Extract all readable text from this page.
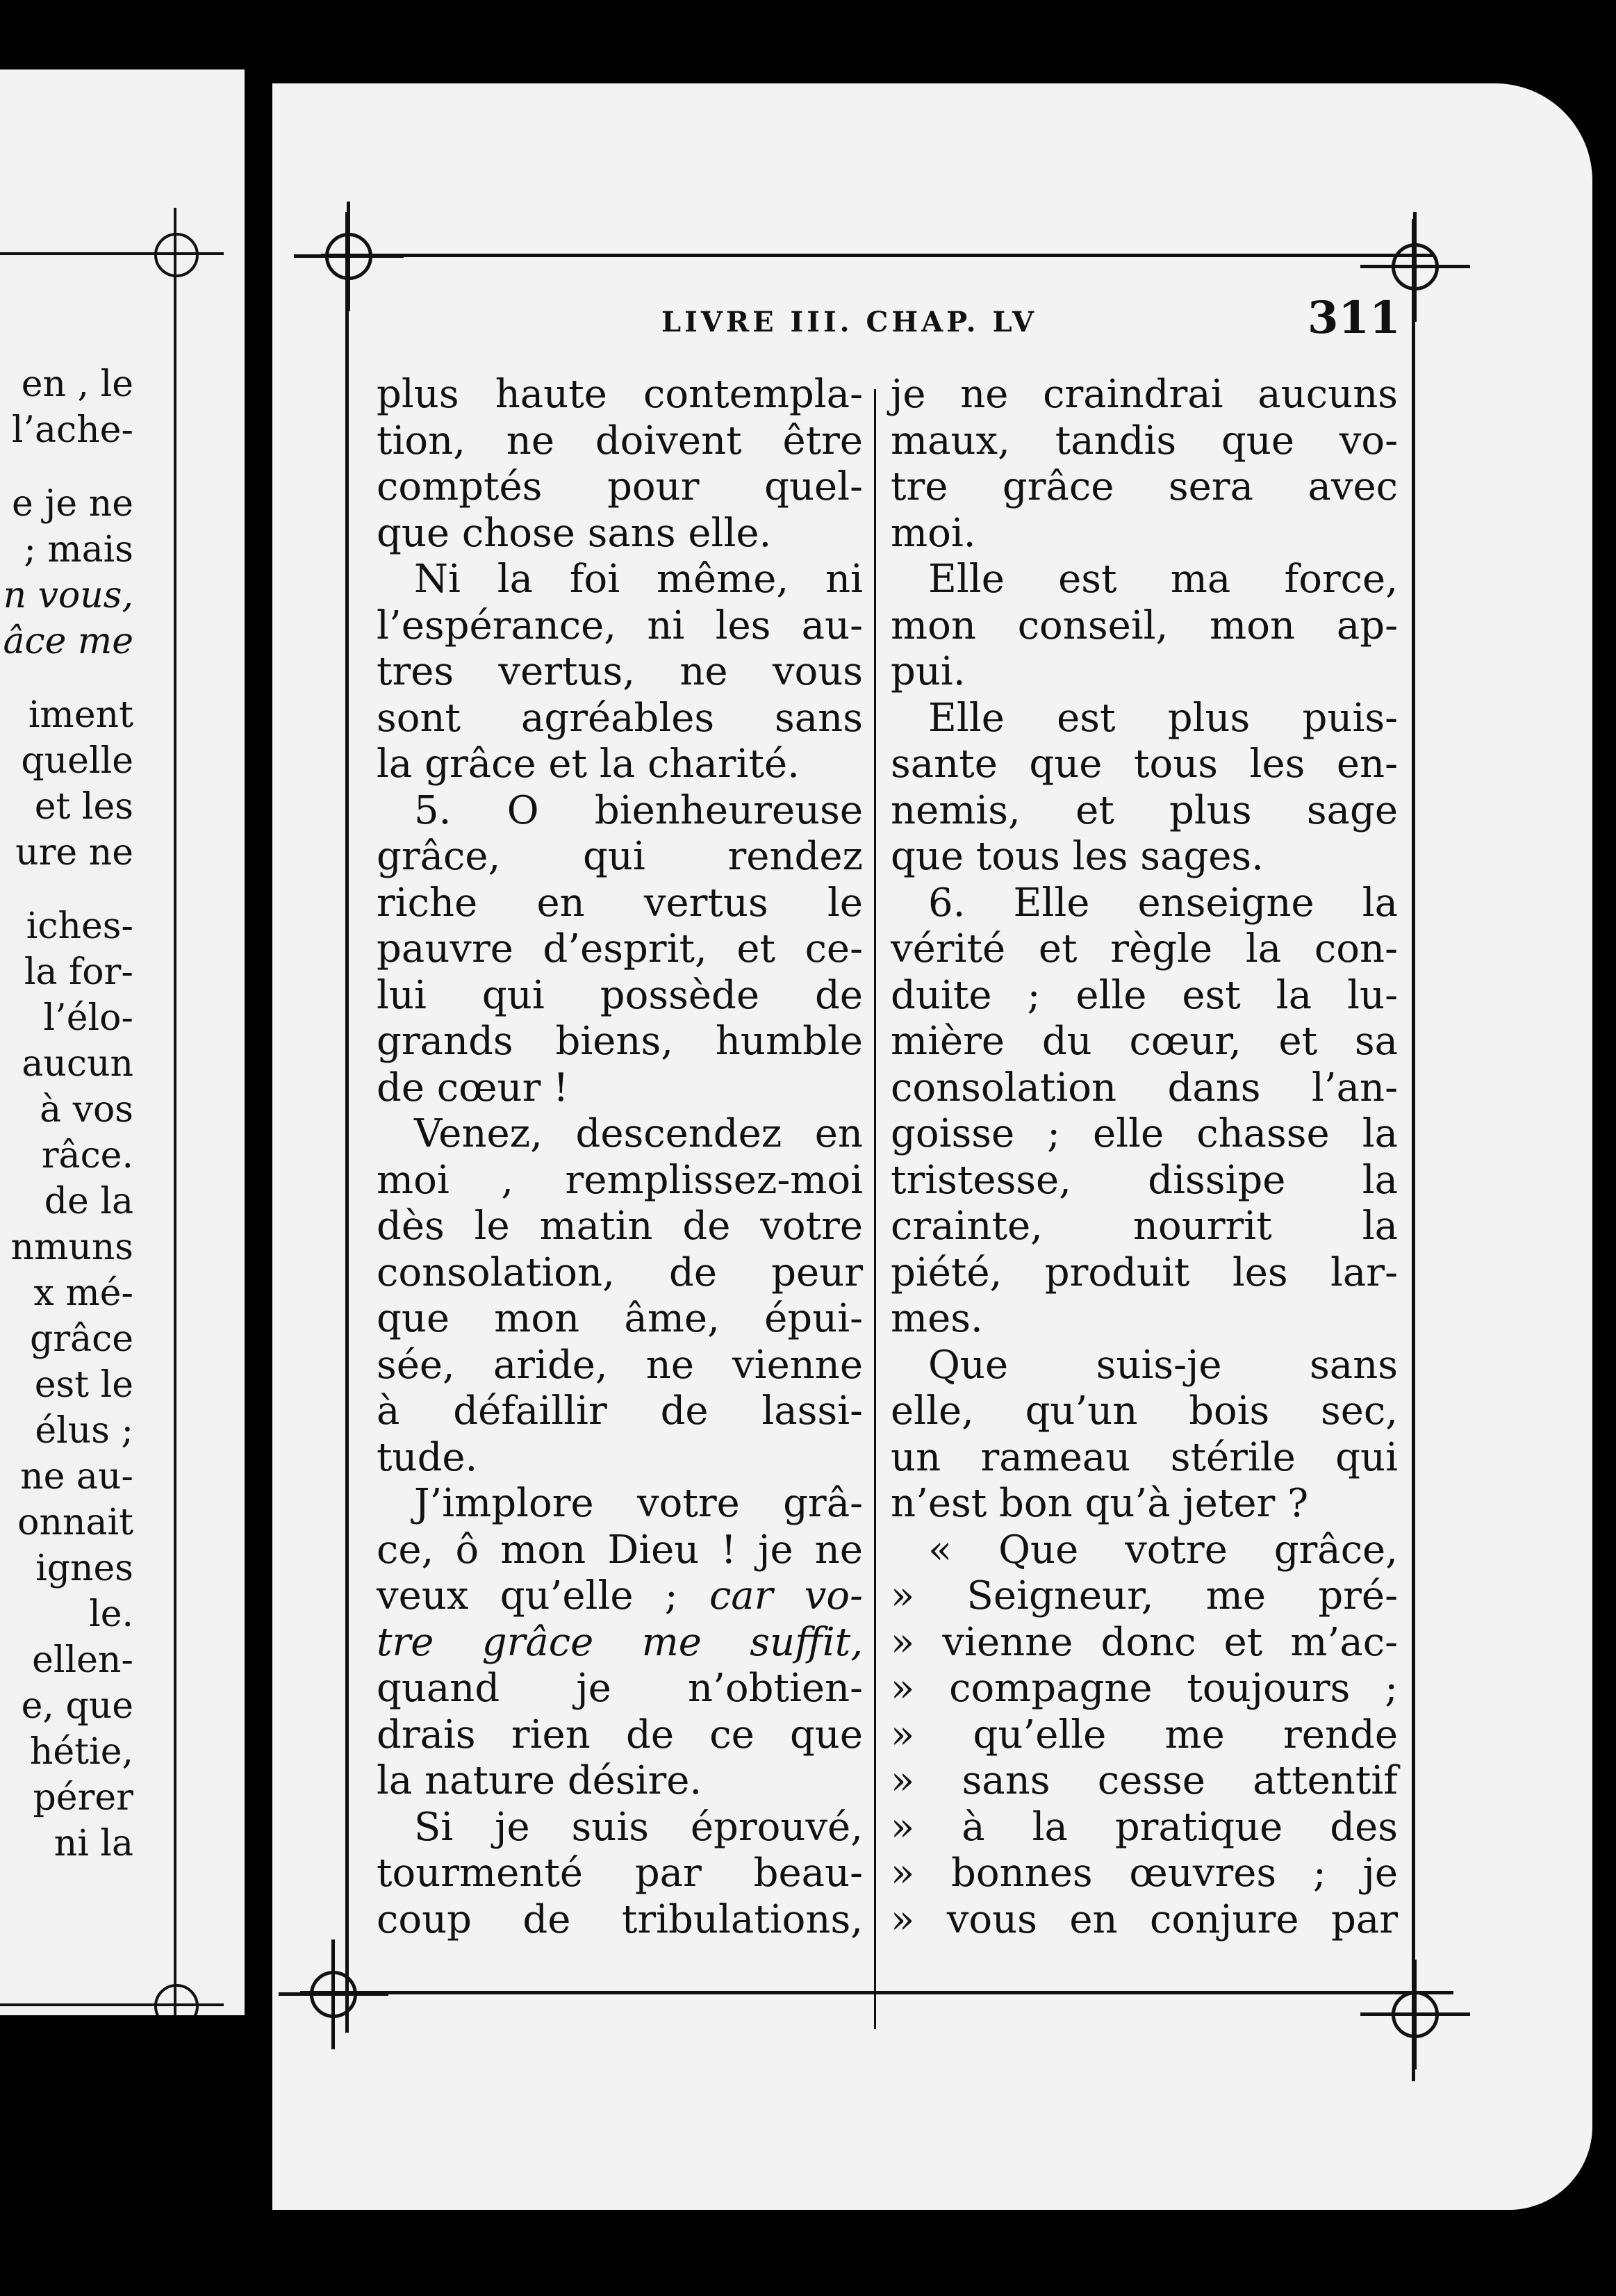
en , le
l’ache-
e je ne
; mais
n vous,
âce me
iment
quelle
et les
ure ne
iches-
la for-
l’élo-
aucun
à vos
râce.
de la
nmuns
x mé-
grâce
est le
élus ;
ne au-
onnait
ignes
le.
ellen-
e, que
hétie,
pérer
ni la
LIVRE III. CHAP. LV	311
plus haute contempla-
tion, ne doivent être
comptés pour quel-
que chose sans elle.
Ni la foi même, ni
l’espérance, ni les au-
tres vertus, ne vous
sont agréables sans
la grâce et la charité.
5. O bienheureuse
grâce, qui rendez
riche en vertus le
pauvre d’esprit, et ce-
lui qui possède de
grands biens, humble
de cœur !
Venez, descendez en
moi , remplissez-moi
dès le matin de votre
consolation, de peur
que mon âme, épui-
sée, aride, ne vienne
à défaillir de lassi-
tude.
J’implore votre grâ-
ce, ô mon Dieu ! je ne
veux qu’elle ; car vo-
tre grâce me suffit,
quand je n’obtien-
drais rien de ce que
la nature désire.
Si je suis éprouvé,
tourmenté par beau-
coup de tribulations,
je ne craindrai aucuns
maux, tandis que vo-
tre grâce sera avec
moi.
Elle est ma force,
mon conseil, mon ap-
pui.
Elle est plus puis-
sante que tous les en-
nemis, et plus sage
que tous les sages.
6. Elle enseigne la
vérité et règle la con-
duite ; elle est la lu-
mière du cœur, et sa
consolation dans l’an-
goisse ; elle chasse la
tristesse, dissipe la
crainte, nourrit la
piété, produit les lar-
mes.
Que suis-je sans
elle, qu’un bois sec,
un rameau stérile qui
n’est bon qu’à jeter ?
« Que votre grâce,
» Seigneur, me pré-
» vienne donc et m’ac-
» compagne toujours ;
» qu’elle me rende
» sans cesse attentif
» à la pratique des
» bonnes œuvres ; je
» vous en conjure par
